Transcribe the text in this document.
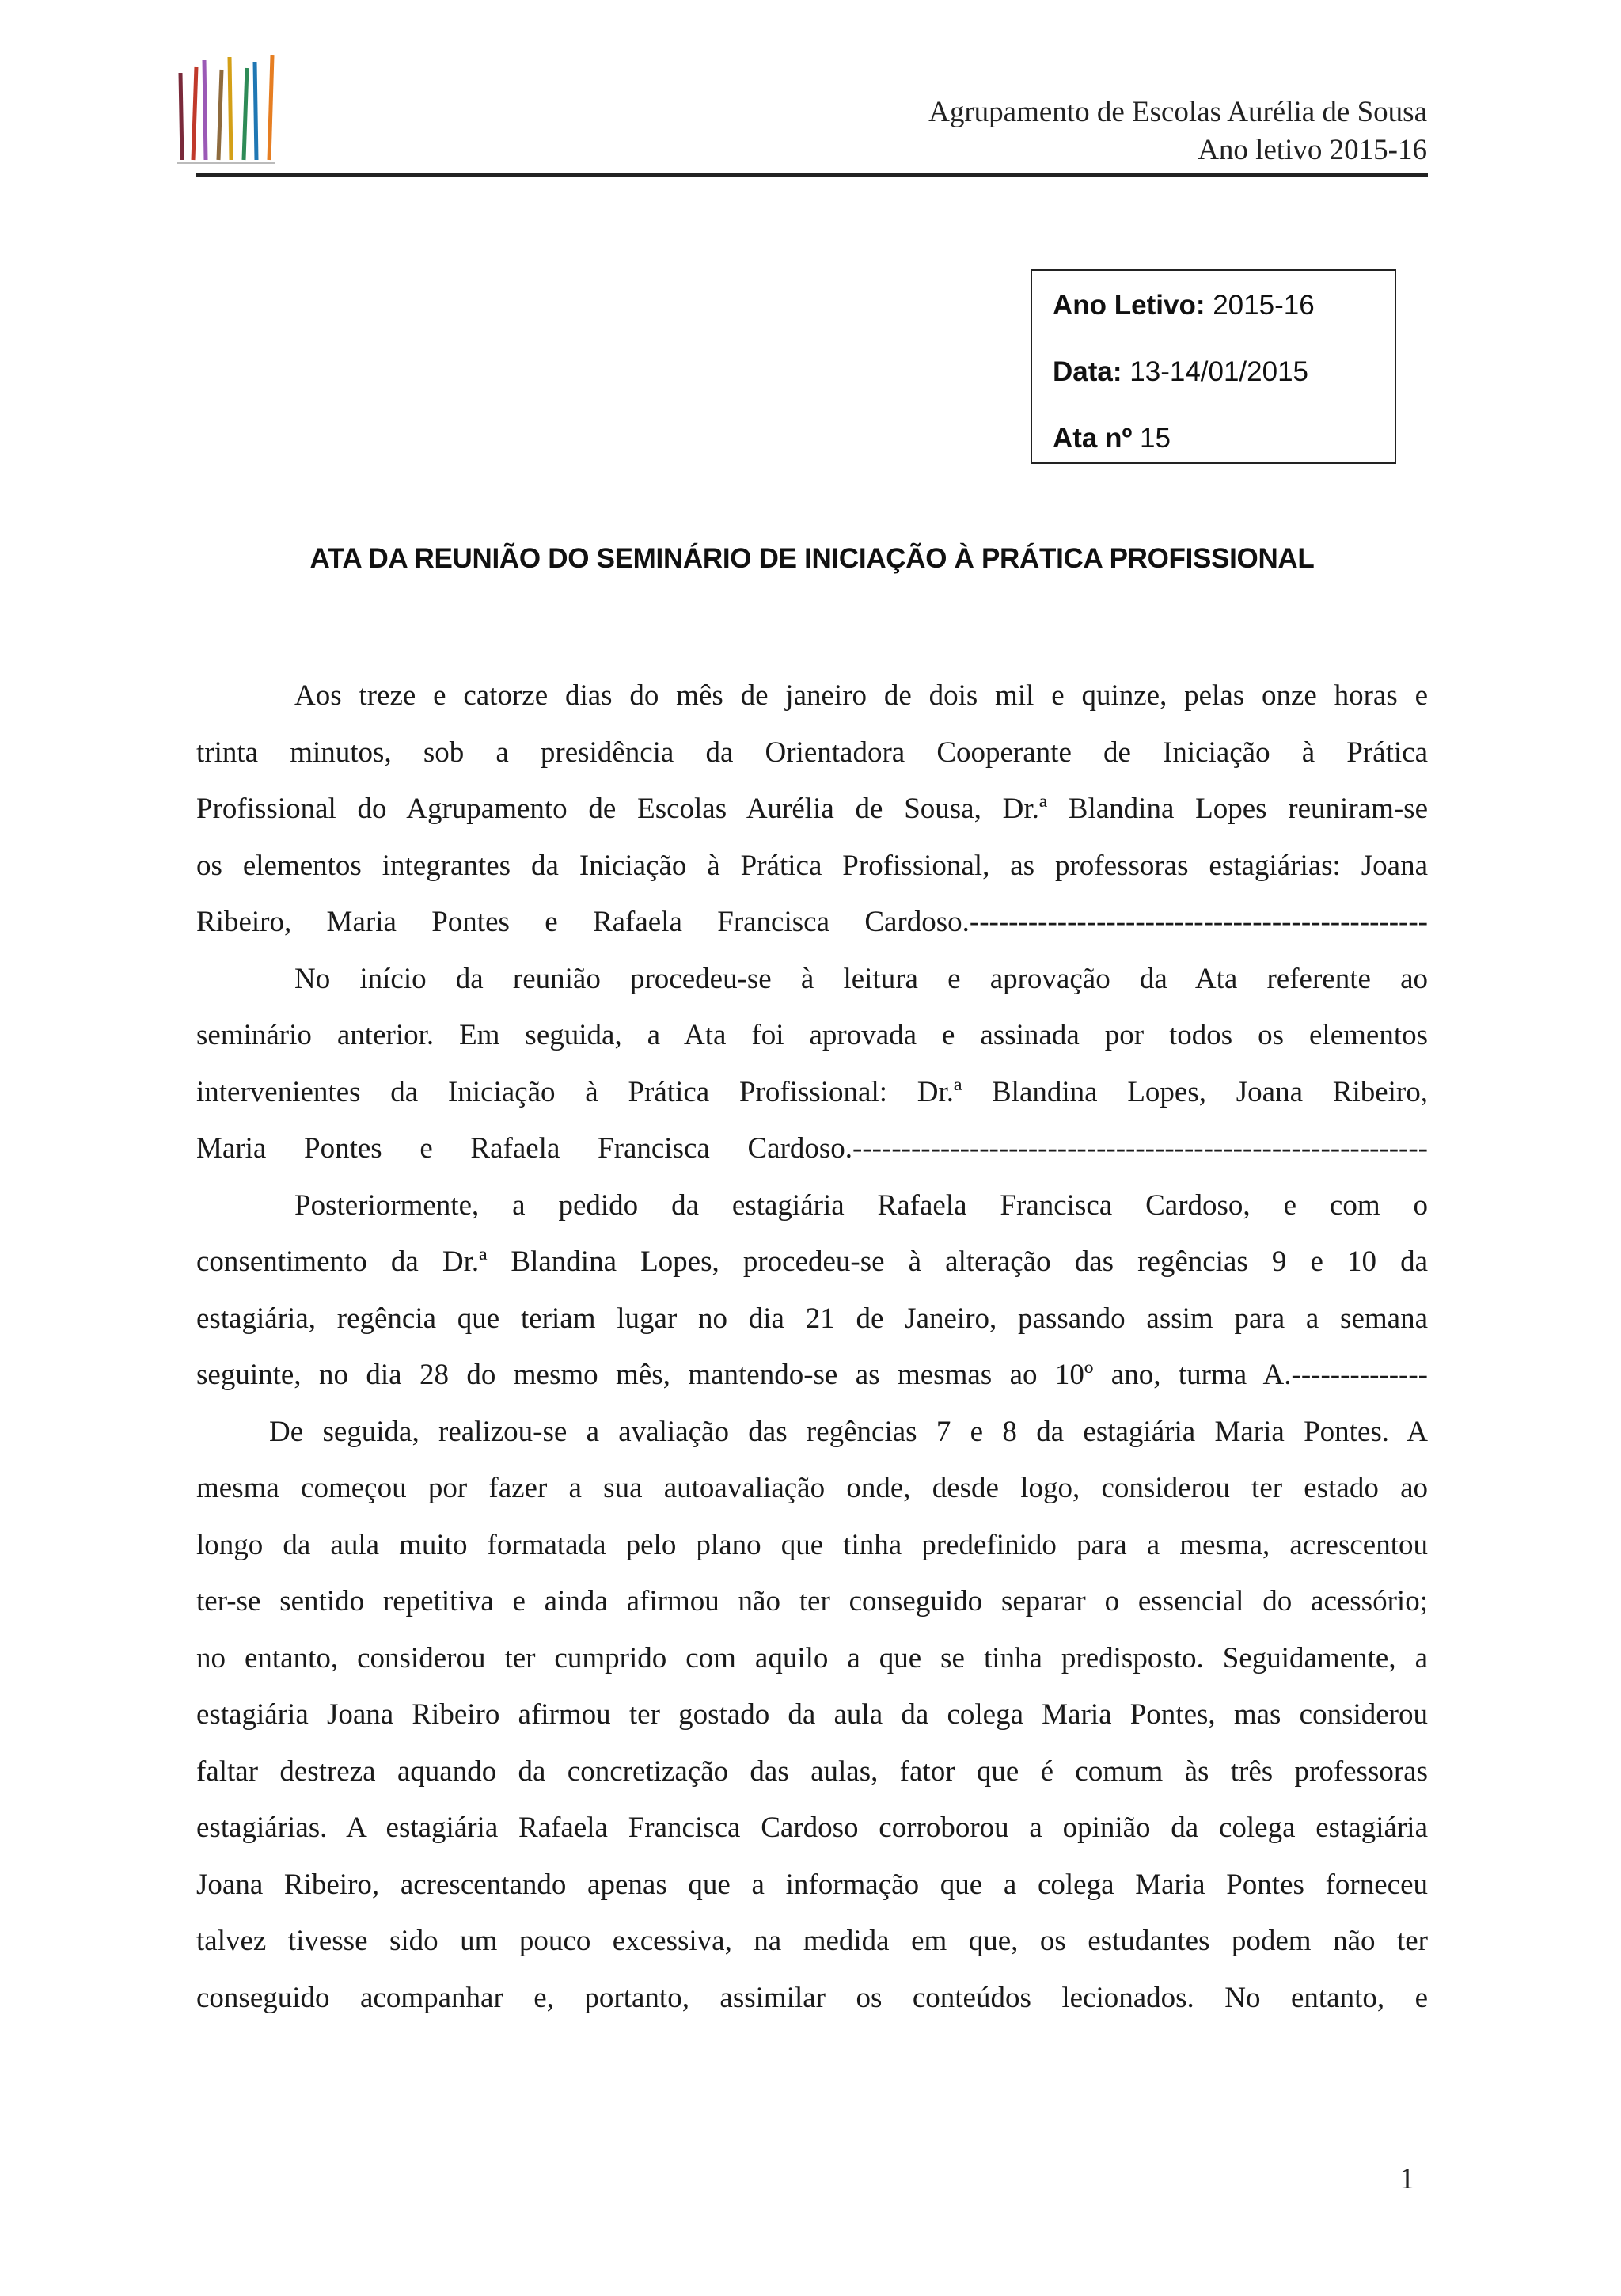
Agrupamento de Escolas Aurélia de Sousa
Ano letivo 2015-16
Ano Letivo: 2015-16
Data: 13-14/01/2015
Ata nº 15
ATA DA REUNIÃO DO SEMINÁRIO DE INICIAÇÃO À PRÁTICA PROFISSIONAL

Aos treze e catorze dias do mês de janeiro de dois mil e quinze, pelas onze horas e

trinta minutos, sob a presidência da Orientadora Cooperante de Iniciação à Prática

Profissional do Agrupamento de Escolas Aurélia de Sousa, Dr.ª Blandina Lopes reuniram-se

os elementos integrantes da Iniciação à Prática Profissional, as professoras estagiárias: Joana

Ribeiro, Maria Pontes e Rafaela Francisca Cardoso.-----------------------------------------------

No início da reunião procedeu-se à leitura e aprovação da Ata referente ao

seminário anterior. Em seguida, a Ata foi aprovada e assinada por todos os elementos

intervenientes da Iniciação à Prática Profissional: Dr.ª Blandina Lopes, Joana Ribeiro,

Maria Pontes e Rafaela Francisca Cardoso.-----------------------------------------------------------

Posteriormente, a pedido da estagiária Rafaela Francisca Cardoso, e com o

consentimento da Dr.ª Blandina Lopes, procedeu-se à alteração das regências 9 e 10 da

estagiária, regência que teriam lugar no dia 21 de Janeiro, passando assim para a semana

seguinte, no dia 28 do mesmo mês, mantendo-se as mesmas ao 10º ano, turma A.--------------

De seguida, realizou-se a avaliação das regências 7 e 8 da estagiária Maria Pontes. A

mesma começou por fazer a sua autoavaliação onde, desde logo, considerou ter estado ao

longo da aula muito formatada pelo plano que tinha predefinido para a mesma, acrescentou

ter-se sentido repetitiva e ainda afirmou não ter conseguido separar o essencial do acessório;

no entanto, considerou ter cumprido com aquilo a que se tinha predisposto. Seguidamente, a

estagiária Joana Ribeiro afirmou ter gostado da aula da colega Maria Pontes, mas considerou

faltar destreza aquando da concretização das aulas, fator que é comum às três professoras

estagiárias. A estagiária Rafaela Francisca Cardoso corroborou a opinião da colega estagiária

Joana Ribeiro, acrescentando apenas que a informação que a colega Maria Pontes forneceu

talvez tivesse sido um pouco excessiva, na medida em que, os estudantes podem não ter

conseguido acompanhar e, portanto, assimilar os conteúdos lecionados. No entanto, e

1
